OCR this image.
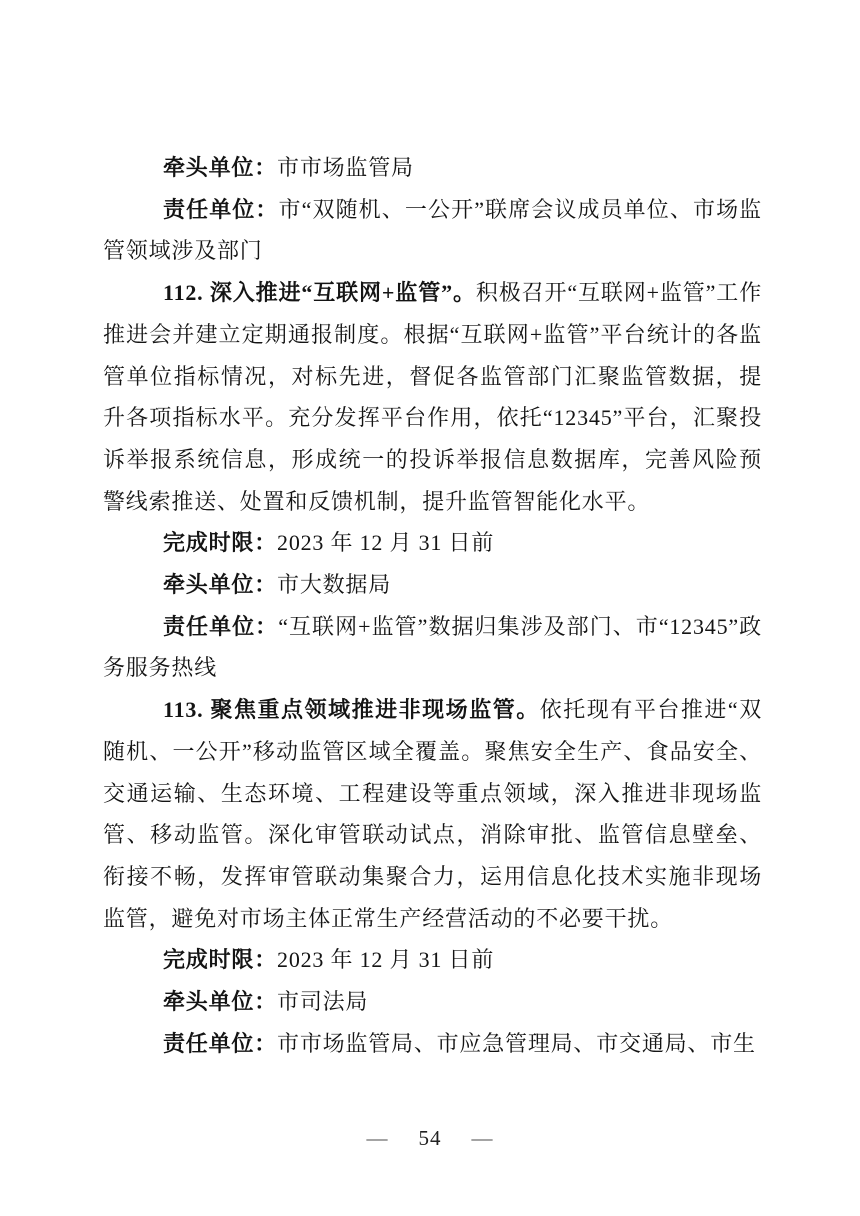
牵头单位：市市场监管局

责任单位：市“双随机、一公开”联席会议成员单位、市场监管领域涉及部门

112. 深入推进“互联网+监管”。积极召开“互联网+监管”工作推进会并建立定期通报制度。根据“互联网+监管”平台统计的各监管单位指标情况，对标先进，督促各监管部门汇聚监管数据，提升各项指标水平。充分发挥平台作用，依托“12345”平台，汇聚投诉举报系统信息，形成统一的投诉举报信息数据库，完善风险预警线索推送、处置和反馈机制，提升监管智能化水平。

完成时限：2023 年 12 月 31 日前

牵头单位：市大数据局

责任单位：“互联网+监管”数据归集涉及部门、市“12345”政务服务热线

113. 聚焦重点领域推进非现场监管。依托现有平台推进“双随机、一公开”移动监管区域全覆盖。聚焦安全生产、食品安全、交通运输、生态环境、工程建设等重点领域，深入推进非现场监管、移动监管。深化审管联动试点，消除审批、监管信息壁垒、衔接不畅，发挥审管联动集聚合力，运用信息化技术实施非现场监管，避免对市场主体正常生产经营活动的不必要干扰。

完成时限：2023 年 12 月 31 日前

牵头单位：市司法局

责任单位：市市场监管局、市应急管理局、市交通局、市生

— 54 —
